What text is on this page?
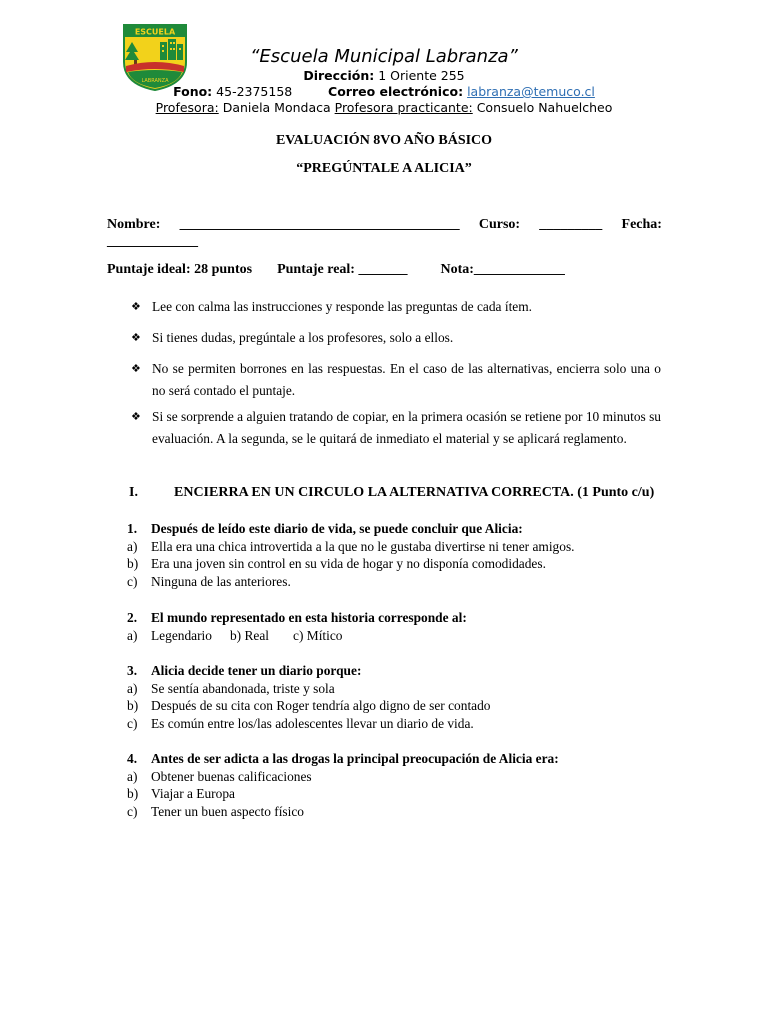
ESCUELA
LABRANZA
“Escuela Municipal Labranza”
Dirección: 1 Oriente 255
Fono: 45-2375158	Correo electrónico: labranza@temuco.cl
Profesora: Daniela Mondaca Profesora practicante: Consuelo Nahuelcheo
EVALUACIÓN 8VO AÑO BÁSICO
“PREGÚNTALE A ALICIA”
Nombre: ________________________________________ Curso: _________ Fecha:
_____________
Puntaje ideal: 28 puntos Puntaje real: _______ Nota:_____________
❖ Lee con calma las instrucciones y responde las preguntas de cada ítem.
❖ Si tienes dudas, pregúntale a los profesores, solo a ellos.
❖ No se permiten borrones en las respuestas. En el caso de las alternativas, encierra solo una o no será contado el puntaje.
❖ Si se sorprende a alguien tratando de copiar, en la primera ocasión se retiene por 10 minutos su evaluación. A la segunda, se le quitará de inmediato el material y se aplicará reglamento.
I.	ENCIERRA EN UN CIRCULO LA ALTERNATIVA CORRECTA. (1 Punto c/u)
1. Después de leído este diario de vida, se puede concluir que Alicia:
a) Ella era una chica introvertida a la que no le gustaba divertirse ni tener amigos.
b) Era una joven sin control en su vida de hogar y no disponía comodidades.
c) Ninguna de las anteriores.
2. El mundo representado en esta historia corresponde al:
a) Legendario b) Real c) Mítico
3. Alicia decide tener un diario porque:
a) Se sentía abandonada, triste y sola
b) Después de su cita con Roger tendría algo digno de ser contado
c) Es común entre los/las adolescentes llevar un diario de vida.
4. Antes de ser adicta a las drogas la principal preocupación de Alicia era:
a) Obtener buenas calificaciones
b) Viajar a Europa
c) Tener un buen aspecto físico
